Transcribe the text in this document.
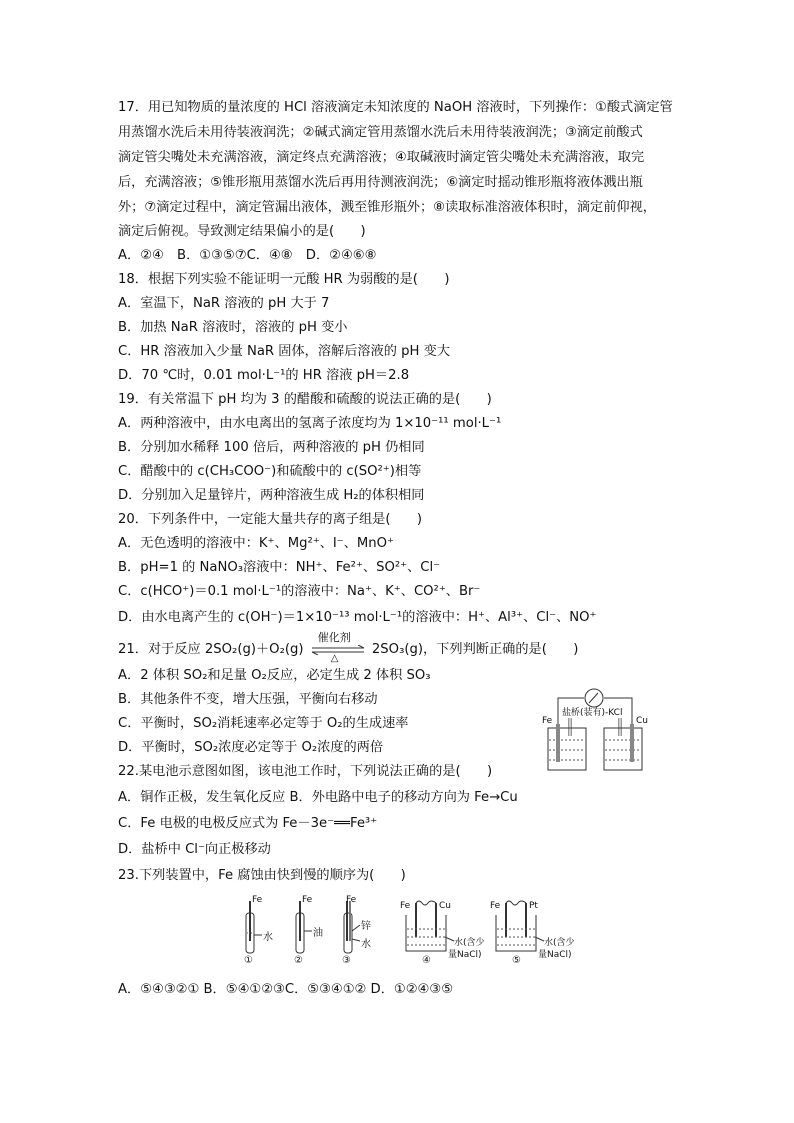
17．用已知物质的量浓度的 HCl 溶液滴定未知浓度的 NaOH 溶液时，下列操作：①酸式滴定管
用蒸馏水洗后未用待装液润洗；②碱式滴定管用蒸馏水洗后未用待装液润洗；③滴定前酸式
滴定管尖嘴处未充满溶液，滴定终点充满溶液；④取碱液时滴定管尖嘴处未充满溶液，取完
后，充满溶液；⑤锥形瓶用蒸馏水洗后再用待测液润洗；⑥滴定时摇动锥形瓶将液体溅出瓶
外；⑦滴定过程中，滴定管漏出液体，溅至锥形瓶外；⑧读取标准溶液体积时，滴定前仰视，
滴定后俯视。导致测定结果偏小的是(　　)
A．②④　B．①③⑤⑦C．④⑧　D．②④⑥⑧
18．根据下列实验不能证明一元酸 HR 为弱酸的是(　　)
A．室温下，NaR 溶液的 pH 大于 7
B．加热 NaR 溶液时，溶液的 pH 变小
C．HR 溶液加入少量 NaR 固体，溶解后溶液的 pH 变大
D．70 ℃时，0.01 mol·L⁻¹的 HR 溶液 pH＝2.8
19．有关常温下 pH 均为 3 的醋酸和硫酸的说法正确的是(　　)
A．两种溶液中，由水电离出的氢离子浓度均为 1×10⁻¹¹ mol·L⁻¹
B．分别加水稀释 100 倍后，两种溶液的 pH 仍相同
C．醋酸中的 c(CH₃COO⁻)和硫酸中的 c(SO²⁺)相等
D．分别加入足量锌片，两种溶液生成 H₂的体积相同
20．下列条件中，一定能大量共存的离子组是(　　)
A．无色透明的溶液中：K⁺、Mg²⁺、I⁻、MnO⁺
B．pH=1 的 NaNO₃溶液中：NH⁺、Fe²⁺、SO²⁺、Cl⁻
C．c(HCO⁺)＝0.1 mol·L⁻¹的溶液中：Na⁺、K⁺、CO²⁺、Br⁻
D．由水电离产生的 c(OH⁻)＝1×10⁻¹³ mol·L⁻¹的溶液中：H⁺、Al³⁺、Cl⁻、NO⁺
21．对于反应 2SO₂(g)＋O₂(g)
催化剂
△
2SO₃(g)，下列判断正确的是(　　)
A．2 体积 SO₂和足量 O₂反应，必定生成 2 体积 SO₃
B．其他条件不变，增大压强，平衡向右移动
C．平衡时，SO₂消耗速率必定等于 O₂的生成速率
D．平衡时，SO₂浓度必定等于 O₂浓度的两倍
22.某电池示意图如图，该电池工作时，下列说法正确的是(　　)
A．铜作正极，发生氧化反应 B．外电路中电子的移动方向为 Fe→Cu
C．Fe 电极的电极反应式为 Fe－3e⁻══Fe³⁺
D．盐桥中 Cl⁻向正极移动
盐桥(装有)-KCl
Fe	Cu
23.下列装置中，Fe 腐蚀由快到慢的顺序为(　　)
Fe
水
①
Fe
油
②
Fe
锌
水
③
Fe	Cu
水(含少
量NaCl)
④
Fe	Pt
水(含少
量NaCl)
⑤
A．⑤④③②① B．⑤④①②③C．⑤③④①② D．①②④③⑤
